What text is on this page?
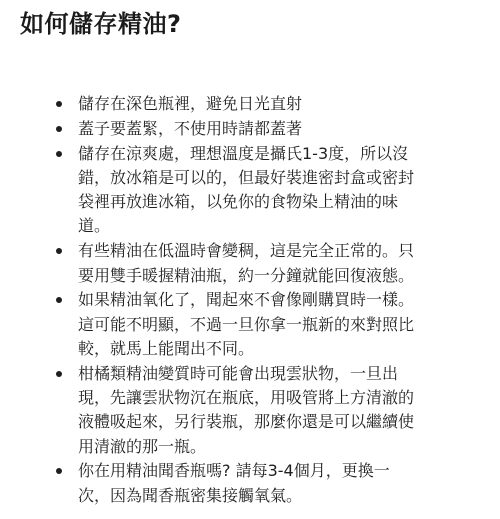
如何儲存精油?
儲存在深色瓶裡，避免日光直射
蓋子要蓋緊，不使用時請都蓋著
儲存在涼爽處，理想溫度是攝氏1-3度，所以沒
錯，放冰箱是可以的，但最好裝進密封盒或密封
袋裡再放進冰箱，以免你的食物染上精油的味
道。
有些精油在低溫時會變稠，這是完全正常的。只
要用雙手暖握精油瓶，約一分鐘就能回復液態。
如果精油氧化了，聞起來不會像剛購買時一樣。
這可能不明顯，不過一旦你拿一瓶新的來對照比
較，就馬上能聞出不同。
柑橘類精油變質時可能會出現雲狀物，一旦出
現，先讓雲狀物沉在瓶底，用吸管將上方清澈的
液體吸起來，另行裝瓶，那麼你還是可以繼續使
用清澈的那一瓶。
你在用精油聞香瓶嗎? 請每3-4個月，更換一
次，因為聞香瓶密集接觸氧氣。
